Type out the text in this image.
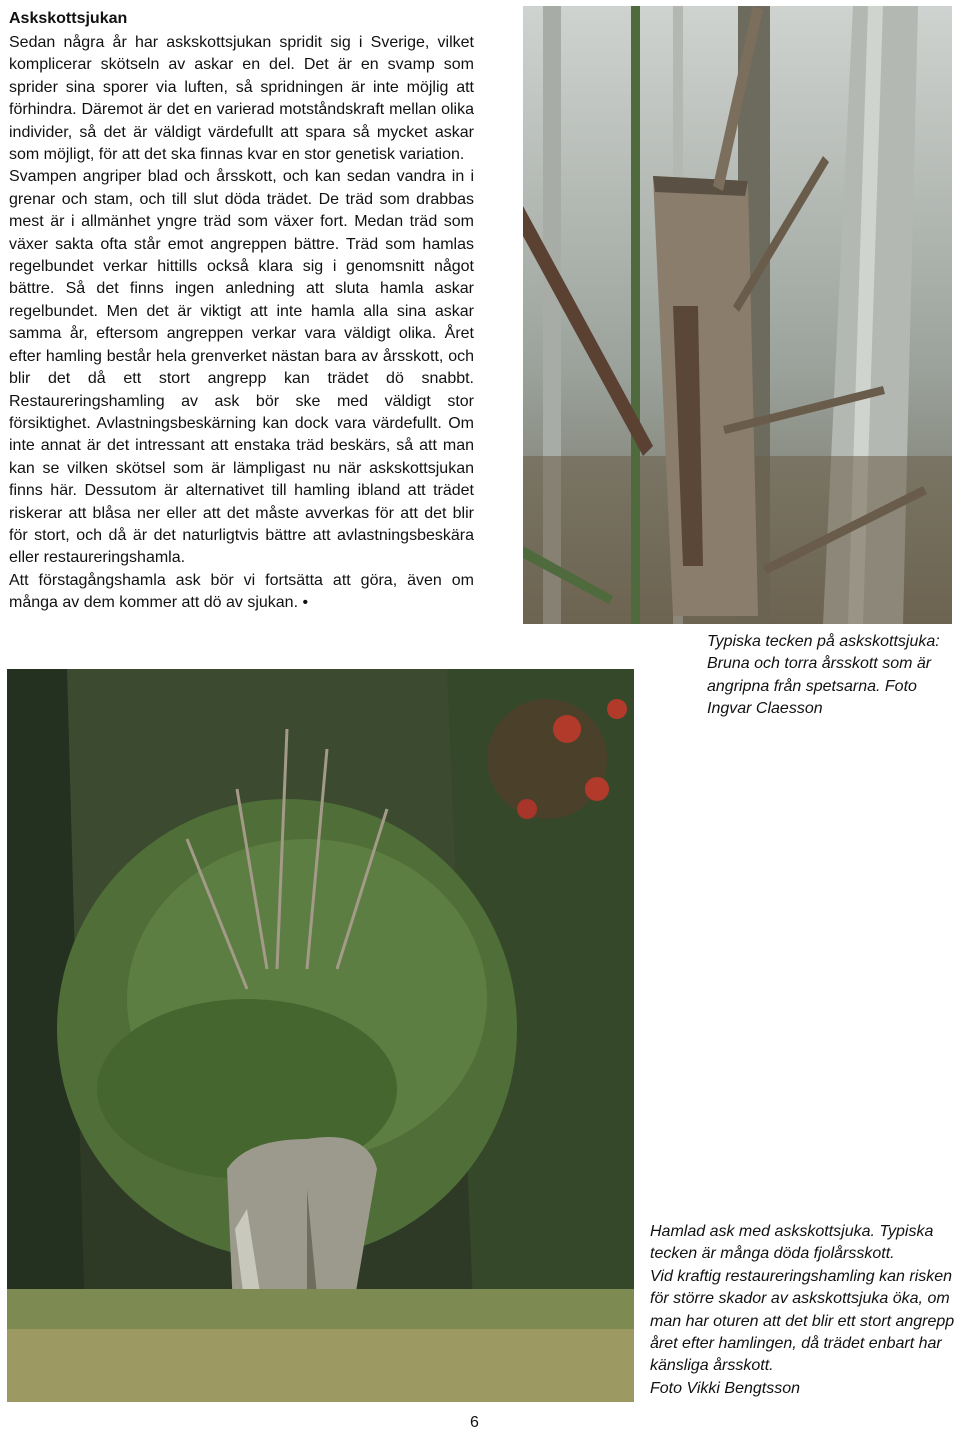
Askskottsjukan

Sedan några år har askskottsjukan spridit sig i Sverige, vilket komplicerar skötseln av askar en del. Det är en svamp som sprider sina sporer via luften, så spridningen är inte möjlig att förhindra. Däremot är det en varierad motståndskraft mellan olika individer, så det är väldigt värdefullt att spara så mycket askar som möjligt, för att det ska finnas kvar en stor genetisk variation.

Svampen angriper blad och årsskott, och kan sedan vandra in i grenar och stam, och till slut döda trädet. De träd som drabbas mest är i allmänhet yngre träd som växer fort. Medan träd som växer sakta ofta står emot angreppen bättre. Träd som hamlas regelbundet verkar hittills också klara sig i genomsnitt något bättre. Så det finns ingen anledning att sluta hamla askar regelbundet. Men det är viktigt att inte hamla alla sina askar samma år, eftersom angreppen verkar vara väldigt olika. Året efter hamling består hela grenverket nästan bara av årsskott, och blir det då ett stort angrepp kan trädet dö snabbt. Restaureringshamling av ask bör ske med väldigt stor försiktighet. Avlastningsbeskärning kan dock vara värdefullt. Om inte annat är det intressant att enstaka träd beskärs, så att man kan se vilken skötsel som är lämpligast nu när askskottsjukan finns här. Dessutom är alternativet till hamling ibland att trädet riskerar att blåsa ner eller att det måste avverkas för att det blir för stort, och då är det naturligtvis bättre att avlastningsbeskära eller restaureringshamla.

Att förstagångshamla ask bör vi fortsätta att göra, även om många av dem kommer att dö av sjukan. •

Typiska tecken på askskottsjuka: Bruna och torra årsskott som är angripna från spetsarna. Foto Ingvar Claesson

Hamlad ask med askskottsjuka. Typiska tecken är många döda fjolårsskott.

Vid kraftig restaureringshamling kan risken för större skador av askskottsjuka öka, om man har oturen att det blir ett stort angrepp året efter hamlingen, då trädet enbart har känsliga årsskott.

Foto Vikki Bengtsson

6
